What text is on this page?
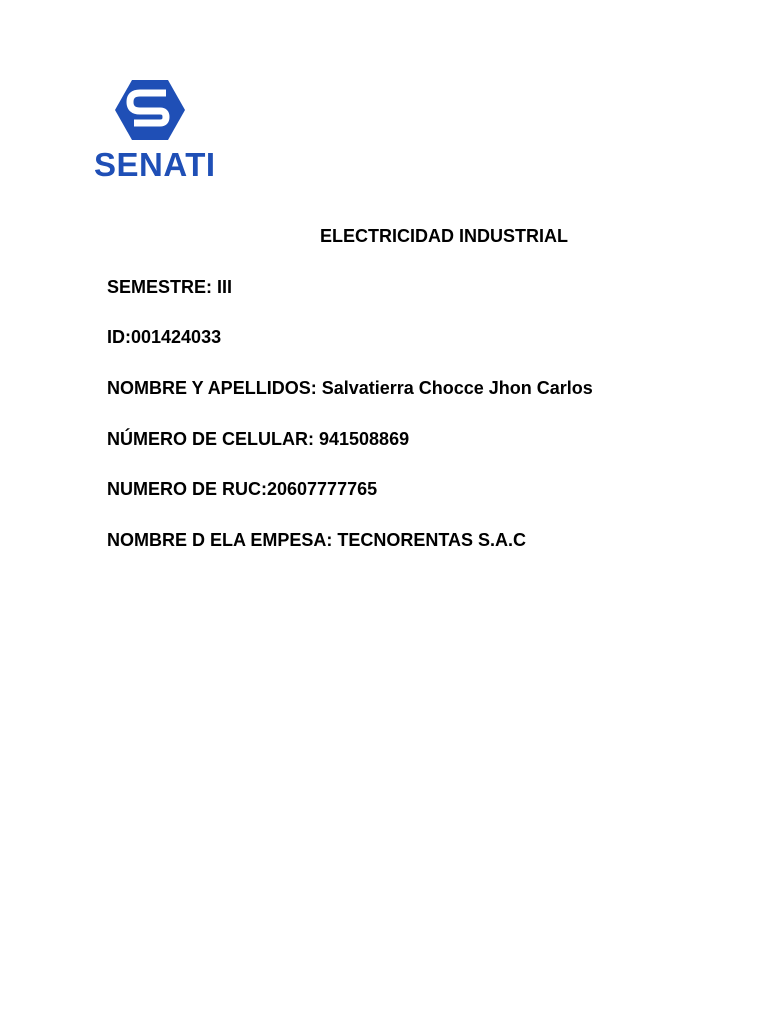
SENATI
ELECTRICIDAD INDUSTRIAL
SEMESTRE: III
ID:001424033
NOMBRE Y APELLIDOS: Salvatierra Chocce Jhon Carlos
NÚMERO DE CELULAR: 941508869
NUMERO DE RUC:20607777765
NOMBRE D ELA EMPESA: TECNORENTAS S.A.C
